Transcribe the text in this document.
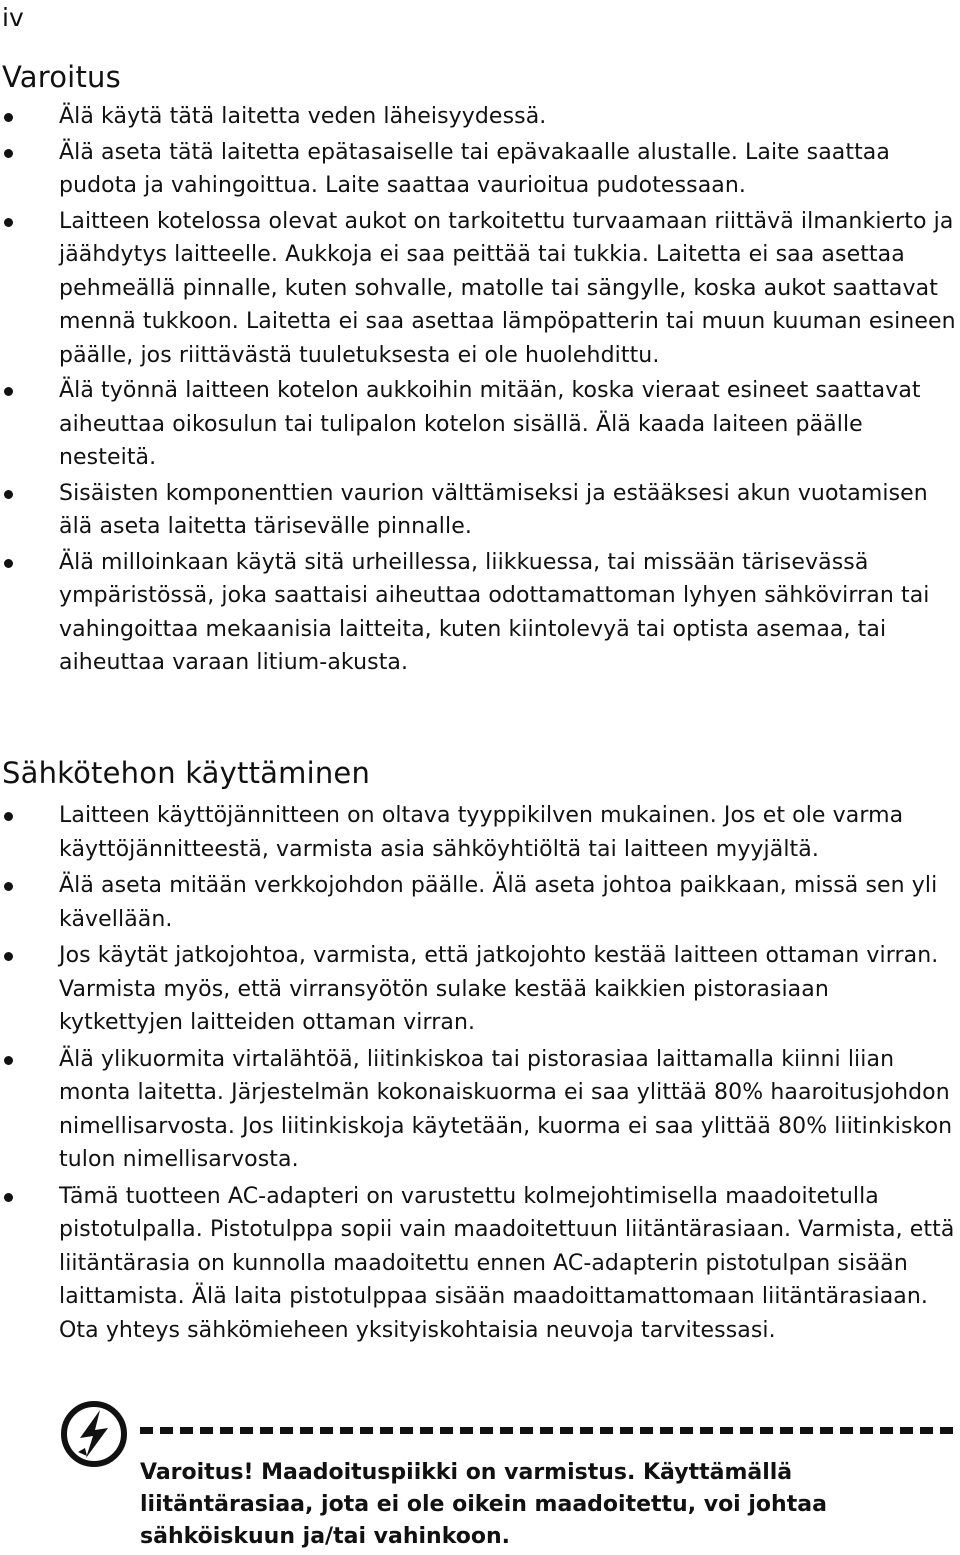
iv
Varoitus
Älä käytä tätä laitetta veden läheisyydessä.
Älä aseta tätä laitetta epätasaiselle tai epävakaalle alustalle. Laite saattaa pudota ja vahingoittua. Laite saattaa vaurioitua pudotessaan.
Laitteen kotelossa olevat aukot on tarkoitettu turvaamaan riittävä ilmankierto ja jäähdytys laitteelle. Aukkoja ei saa peittää tai tukkia. Laitetta ei saa asettaa pehmeällä pinnalle, kuten sohvalle, matolle tai sängylle, koska aukot saattavat mennä tukkoon. Laitetta ei saa asettaa lämpöpatterin tai muun kuuman esineen päälle, jos riittävästä tuuletuksesta ei ole huolehdittu.
Älä työnnä laitteen kotelon aukkoihin mitään, koska vieraat esineet saattavat aiheuttaa oikosulun tai tulipalon kotelon sisällä. Älä kaada laiteen päälle nesteitä.
Sisäisten komponenttien vaurion välttämiseksi ja estääksesi akun vuotamisen älä aseta laitetta tärisevälle pinnalle.
Älä milloinkaan käytä sitä urheillessa, liikkuessa, tai missään tärisevässä ympäristössä, joka saattaisi aiheuttaa odottamattoman lyhyen sähkövirran tai vahingoittaa mekaanisia laitteita, kuten kiintolevyä tai optista asemaa, tai aiheuttaa varaan litium-akusta.
Sähkötehon käyttäminen
Laitteen käyttöjännitteen on oltava tyyppikilven mukainen. Jos et ole varma käyttöjännitteestä, varmista asia sähköyhtiöltä tai laitteen myyjältä.
Älä aseta mitään verkkojohdon päälle. Älä aseta johtoa paikkaan, missä sen yli kävellään.
Jos käytät jatkojohtoa, varmista, että jatkojohto kestää laitteen ottaman virran. Varmista myös, että virransyötön sulake kestää kaikkien pistorasiaan kytkettyjen laitteiden ottaman virran.
Älä ylikuormita virtalähtöä, liitinkiskoa tai pistorasiaa laittamalla kiinni liian monta laitetta. Järjestelmän kokonaiskuorma ei saa ylittää 80% haaroitusjohdon nimellisarvosta. Jos liitinkiskoja käytetään, kuorma ei saa ylittää 80% liitinkiskon tulon nimellisarvosta.
Tämä tuotteen AC-adapteri on varustettu kolmejohtimisella maadoitetulla pistotulpalla. Pistotulppa sopii vain maadoitettuun liitäntärasiaan. Varmista, että liitäntärasia on kunnolla maadoitettu ennen AC-adapterin pistotulpan sisään laittamista. Älä laita pistotulppaa sisään maadoittamattomaan liitäntärasiaan. Ota yhteys sähkömieheen yksityiskohtaisia neuvoja tarvitessasi.

Varoitus! Maadoituspiikki on varmistus. Käyttämällä liitäntärasiaa, jota ei ole oikein maadoitettu, voi johtaa sähköiskuun ja/tai vahinkoon.
